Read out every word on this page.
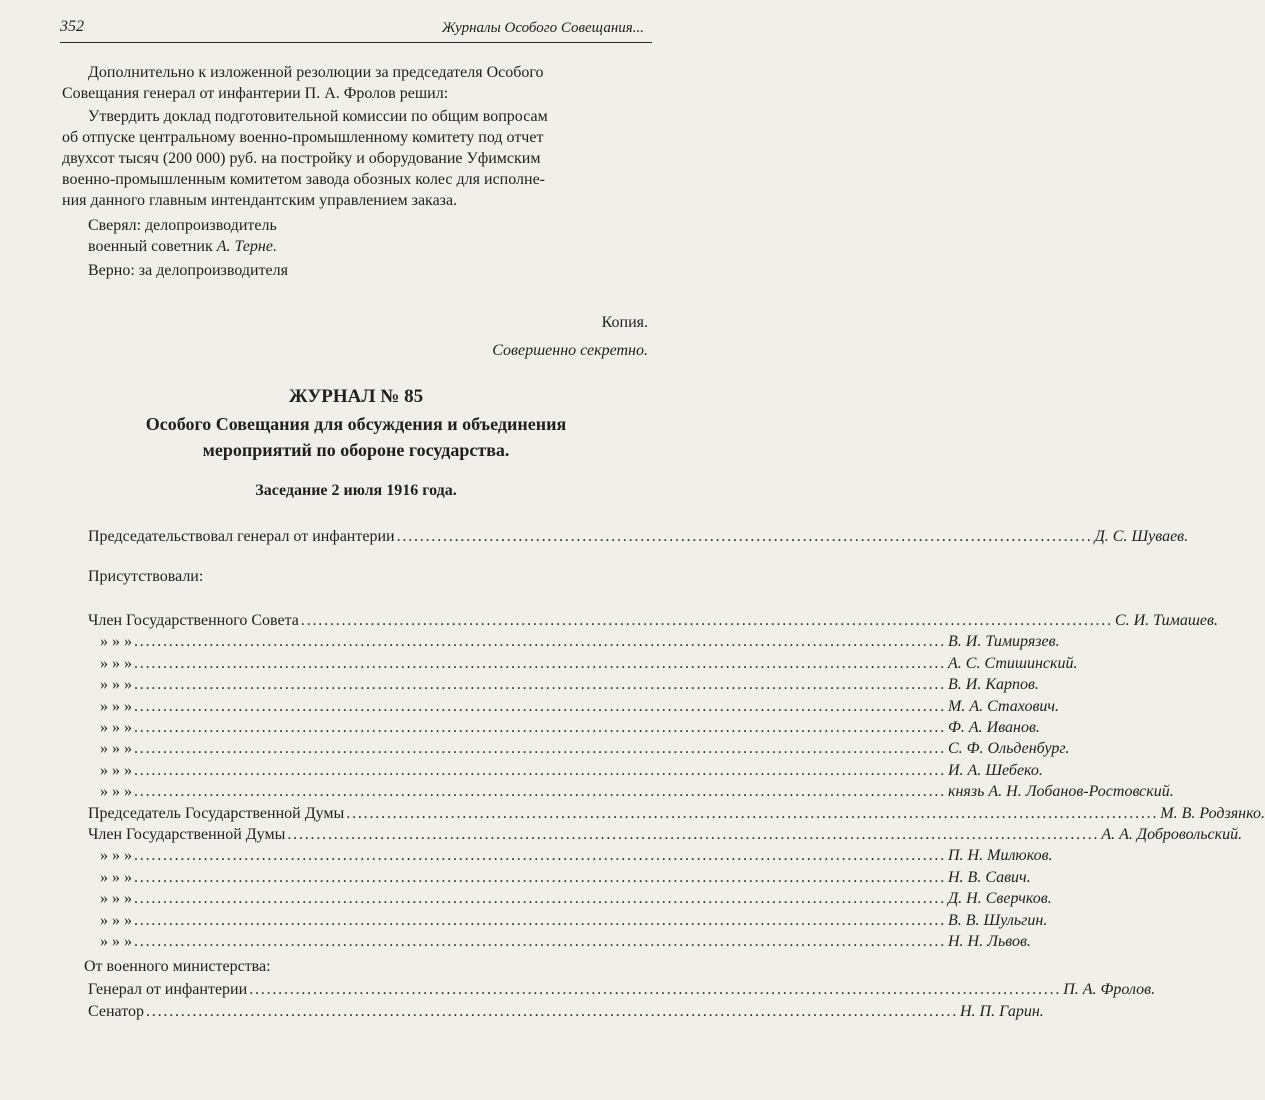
352	Журналы Особого Совещания...
Дополнительно к изложенной резолюции за председателя Особого
Совещания генерал от инфантерии П. А. Фролов решил:
Утвердить доклад подготовительной комиссии по общим вопросам
об отпуске центральному военно-промышленному комитету под отчет
двухсот тысяч (200 000) руб. на постройку и оборудование Уфимским
военно-промышленным комитетом завода обозных колес для исполне-
ния данного главным интендантским управлением заказа.
Сверял: делопроизводитель
военный советник А. Терне.
Верно: за делопроизводителя
Копия.
Совершенно секретно.
ЖУРНАЛ № 85
Особого Совещания для обсуждения и объединения
мероприятий по обороне государства.
Заседание 2 июля 1916 года.
Председательствовал генерал от инфантерии ........................................................................................................................ Д. С. Шуваев.
Присутствовали:
Член Государственного Совета ............................................................................................................................................ С. И. Тимашев.
» » » ............................................................................................................................................ В. И. Тимирязев.
» » » ............................................................................................................................................ А. С. Стишинский.
» » » ............................................................................................................................................ В. И. Карпов.
» » » ............................................................................................................................................ М. А. Стахович.
» » » ............................................................................................................................................ Ф. А. Иванов.
» » » ............................................................................................................................................ С. Ф. Ольденбург.
» » » ............................................................................................................................................ И. А. Шебеко.
» » » ............................................................................................................................................ князь А. Н. Лобанов-Ростовский.
Председатель Государственной Думы ............................................................................................................................................ М. В. Родзянко.
Член Государственной Думы ............................................................................................................................................ А. А. Добровольский.
» » » ............................................................................................................................................ П. Н. Милюков.
» » » ............................................................................................................................................ Н. В. Савич.
» » » ............................................................................................................................................ Д. Н. Сверчков.
» » » ............................................................................................................................................ В. В. Шульгин.
» » » ............................................................................................................................................ Н. Н. Львов.
От военного министерства:
Генерал от инфантерии ............................................................................................................................................ П. А. Фролов.
Сенатор ............................................................................................................................................ Н. П. Гарин.
